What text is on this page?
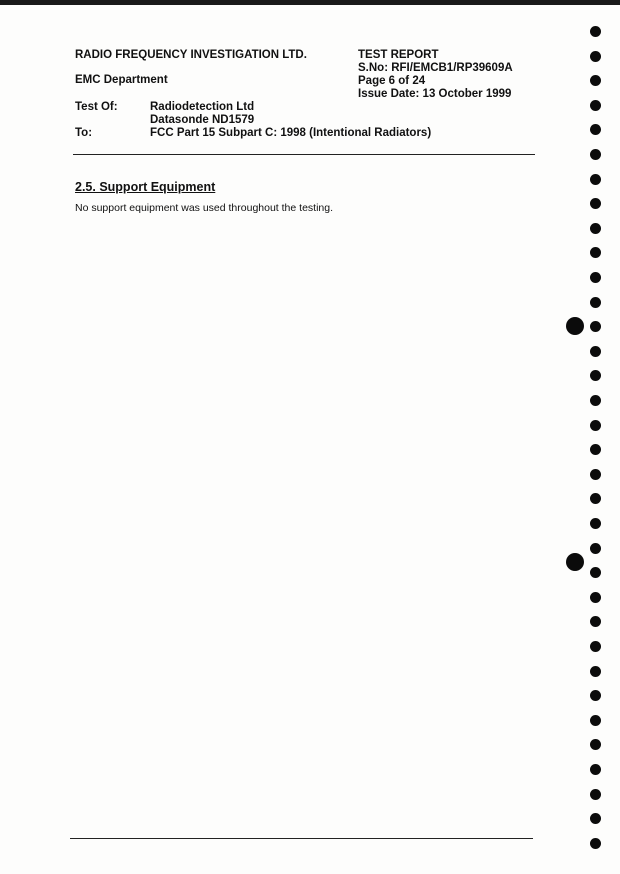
RADIO FREQUENCY INVESTIGATION LTD.
EMC Department
Test Of:	Radiodetection Ltd
Datasonde ND1579
To:	FCC Part 15 Subpart C: 1998 (Intentional Radiators)
TEST REPORT
S.No: RFI/EMCB1/RP39609A
Page 6 of 24
Issue Date: 13 October 1999
2.5. Support Equipment
No support equipment was used throughout the testing.
